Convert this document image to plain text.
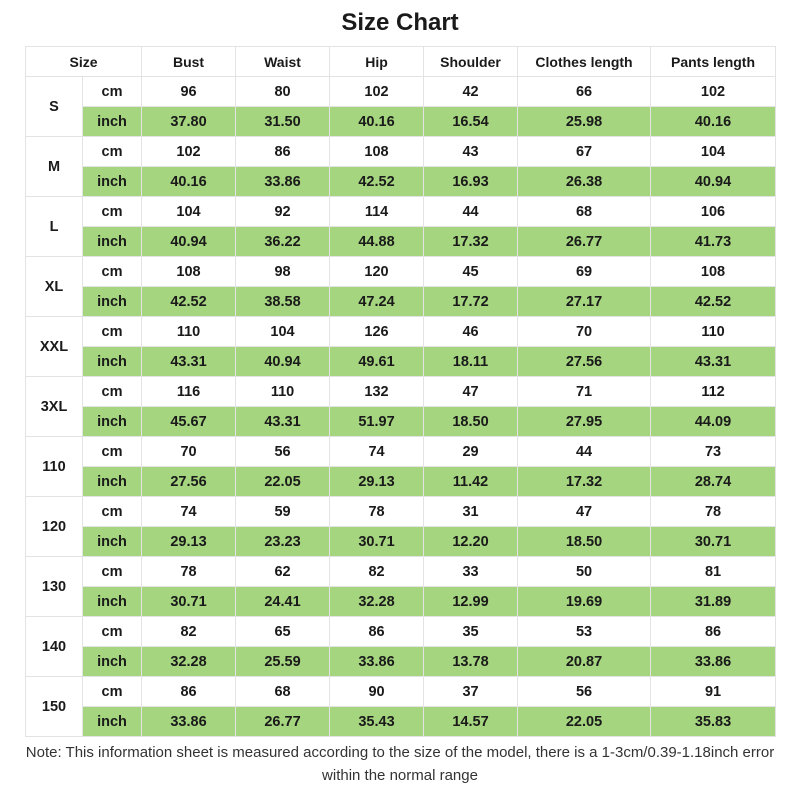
Size Chart
Size		Bust	Waist	Hip	Shoulder	Clothes length	Pants length
S	cm	96	80	102	42	66	102
	inch	37.80	31.50	40.16	16.54	25.98	40.16
M	cm	102	86	108	43	67	104
	inch	40.16	33.86	42.52	16.93	26.38	40.94
L	cm	104	92	114	44	68	106
	inch	40.94	36.22	44.88	17.32	26.77	41.73
XL	cm	108	98	120	45	69	108
	inch	42.52	38.58	47.24	17.72	27.17	42.52
XXL	cm	110	104	126	46	70	110
	inch	43.31	40.94	49.61	18.11	27.56	43.31
3XL	cm	116	110	132	47	71	112
	inch	45.67	43.31	51.97	18.50	27.95	44.09
110	cm	70	56	74	29	44	73
	inch	27.56	22.05	29.13	11.42	17.32	28.74
120	cm	74	59	78	31	47	78
	inch	29.13	23.23	30.71	12.20	18.50	30.71
130	cm	78	62	82	33	50	81
	inch	30.71	24.41	32.28	12.99	19.69	31.89
140	cm	82	65	86	35	53	86
	inch	32.28	25.59	33.86	13.78	20.87	33.86
150	cm	86	68	90	37	56	91
	inch	33.86	26.77	35.43	14.57	22.05	35.83
Note: This information sheet is measured according to the size of the model, there is a 1-3cm/0.39-1.18inch error within the normal range
